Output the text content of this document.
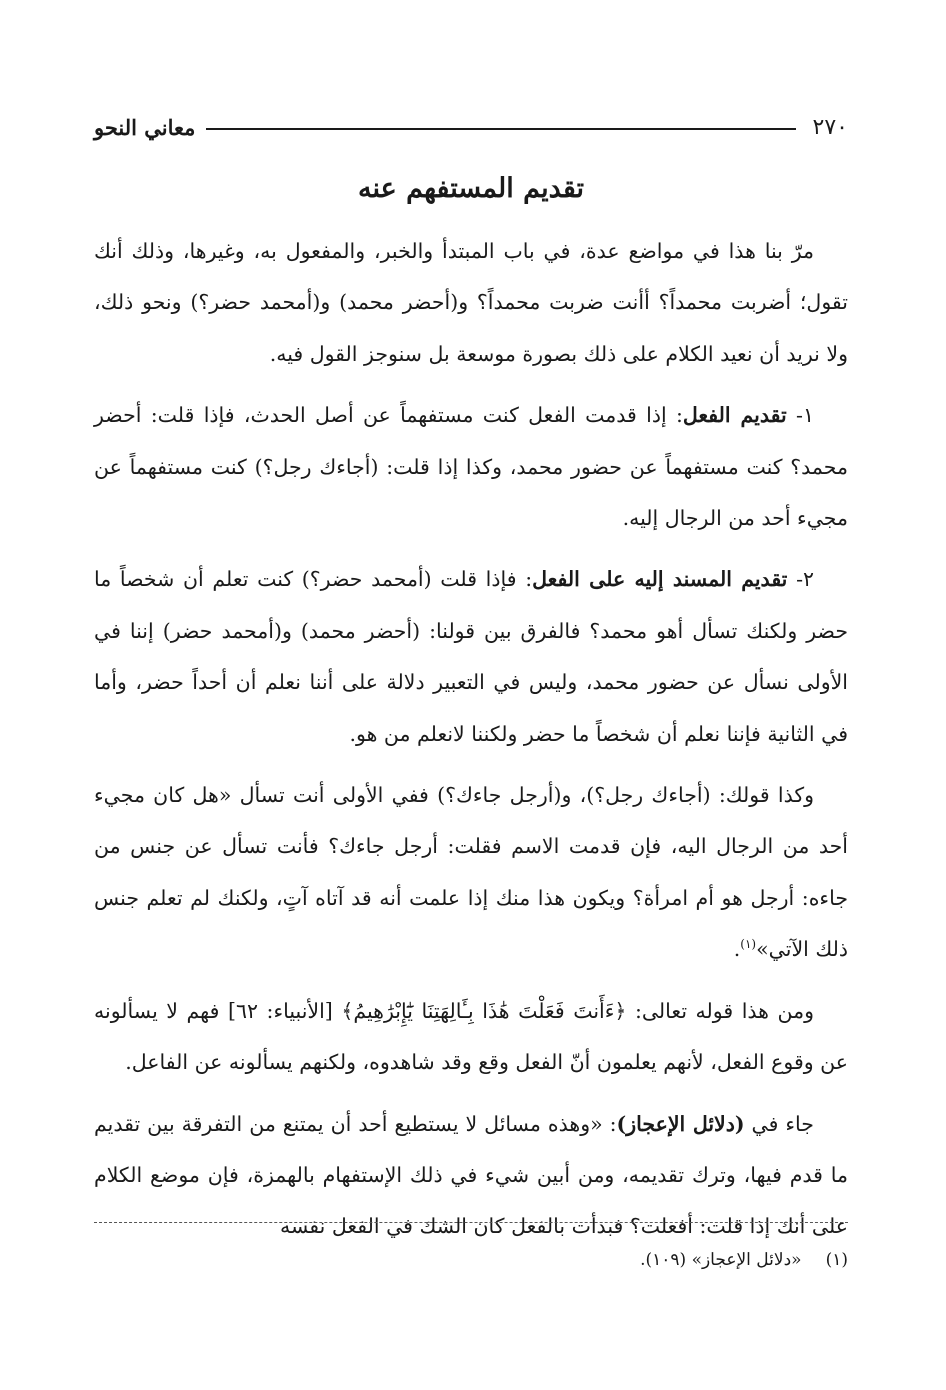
٢٧٠
معاني النحو
تقديم المستفهم عنه

مرّ بنا هذا في مواضع عدة، في باب المبتدأ والخبر، والمفعول به، وغيرها، وذلك أنك تقول؛ أضربت محمداً؟ أأنت ضربت محمداً؟ و(أحضر محمد) و(أمحمد حضر؟) ونحو ذلك، ولا نريد أن نعيد الكلام على ذلك بصورة موسعة بل سنوجز القول فيه.

١- تقديم الفعل: إذا قدمت الفعل كنت مستفهماً عن أصل الحدث، فإذا قلت: أحضر محمد؟ كنت مستفهماً عن حضور محمد، وكذا إذا قلت: (أجاءك رجل؟) كنت مستفهماً عن مجيء أحد من الرجال إليه.

٢- تقديم المسند إليه على الفعل: فإذا قلت (أمحمد حضر؟) كنت تعلم أن شخصاً ما حضر ولكنك تسأل أهو محمد؟ فالفرق بين قولنا: (أحضر محمد) و(أمحمد حضر) إننا في الأولى نسأل عن حضور محمد، وليس في التعبير دلالة على أننا نعلم أن أحداً حضر، وأما في الثانية فإننا نعلم أن شخصاً ما حضر ولكننا لانعلم من هو.

وكذا قولك: (أجاءك رجل؟)، و(أرجل جاءك؟) ففي الأولى أنت تسأل «هل كان مجيء أحد من الرجال اليه، فإن قدمت الاسم فقلت: أرجل جاءك؟ فأنت تسأل عن جنس من جاءه: أرجل هو أم امرأة؟ ويكون هذا منك إذا علمت أنه قد آتاه آتٍ، ولكنك لم تعلم جنس ذلك الآتي»$^{(١)}$.

ومن هذا قوله تعالى: ﴿ءَأَنتَ فَعَلْتَ هَٰذَا بِـَٔالِهَتِنَا يَٰٓإِبْرَٰهِيمُ﴾ [الأنبياء: ٦٢] فهم لا يسألونه عن وقوع الفعل، لأنهم يعلمون أنّ الفعل وقع وقد شاهدوه، ولكنهم يسألونه عن الفاعل.

جاء في (دلائل الإعجاز): «وهذه مسائل لا يستطيع أحد أن يمتنع من التفرقة بين تقديم ما قدم فيها، وترك تقديمه، ومن أبين شيء في ذلك الإستفهام بالهمزة، فإن موضع الكلام على أنك إذا قلت: أفعلت؟ فبدأت بالفعل كان الشك في الفعل نفسه

(١)«دلائل الإعجاز» (١٠٩).
